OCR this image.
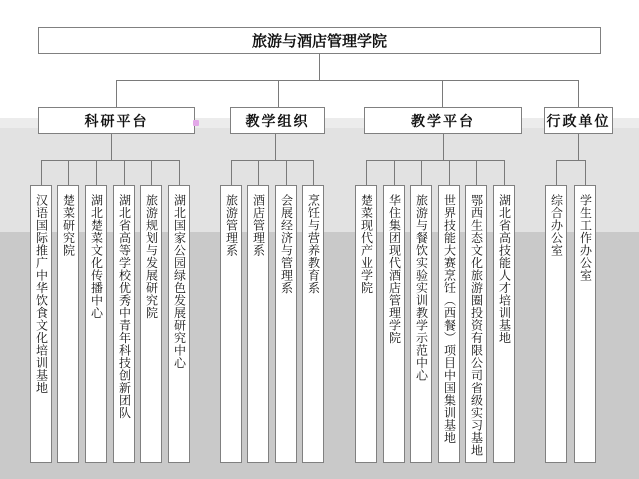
旅游与酒店管理学院
科研平台	教学组织	教学平台	行政单位
汉语国际推广中华饮食文化培训基地 楚菜研究院 湖北楚菜文化传播中心 湖北省高等学校优秀中青年科技创新团队 旅游规划与发展研究院 湖北国家公园绿色发展研究中心	旅游管理系 酒店管理系 会展经济与管理系 烹饪与营养教育系	楚菜现代产业学院 华住集团现代酒店管理学院 旅游与餐饮实验实训教学示范中心 世界技能大赛烹饪（西餐）项目中国集训基地 鄂西生态文化旅游圈投资有限公司省级实习基地 湖北省高技能人才培训基地	综合办公室 学生工作办公室
